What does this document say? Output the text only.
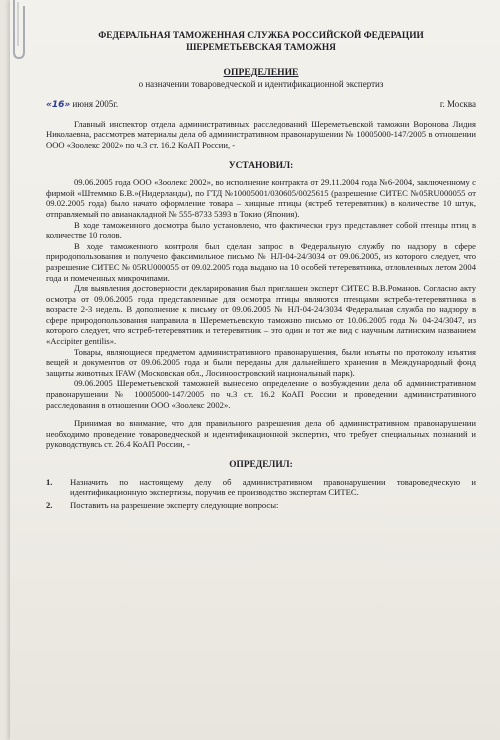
ФЕДЕРАЛЬНАЯ ТАМОЖЕННАЯ СЛУЖБА РОССИЙСКОЙ ФЕДЕРАЦИИ
ШЕРЕМЕТЬЕВСКАЯ ТАМОЖНЯ
ОПРЕДЕЛЕНИЕ
о назначении товароведческой и идентификационной экспертиз
«16» июня 2005г.	г. Москва

Главный инспектор отдела административных расследований Шереметьевской таможни Воронова Лидия Николаевна, рассмотрев материалы дела об административном правонарушении № 10005000-147/2005 в отношении ООО «Зоолекс 2002» по ч.3 ст. 16.2 КоАП России, -

УСТАНОВИЛ:

09.06.2005 года ООО «Зоолекс 2002», во исполнение контракта от 29.11.2004 года №6-2004, заключенному с фирмой «Штеммко Б.В.»(Нидерланды), по ГТД №10005001/030605/0025615 (разрешение СИТЕС №05RU000055 от 09.02.2005 года) было начато оформление товара – хищные птицы (ястреб тетеревятник) в количестве 10 штук, отправляемый по авианакладной № 555-8733 5393 в Токио (Япония).

В ходе таможенного досмотра было установлено, что фактически груз представляет собой птенцы птиц в количестве 10 голов.

В ходе таможенного контроля был сделан запрос в Федеральную службу по надзору в сфере природопользования и получено факсимильное письмо № НЛ-04-24/3034 от 09.06.2005, из которого следует, что разрешение СИТЕС № 05RU000055 от 09.02.2005 года выдано на 10 особей тетеревятника, отловленных летом 2004 года и помеченных микрочипами.

Для выявления достоверности декларирования был приглашен эксперт СИТЕС В.В.Романов. Согласно акту осмотра от 09.06.2005 года представленные для осмотра птицы являются птенцами ястреба-тетеревятника в возрасте 2-3 недель. В дополнение к письму от 09.06.2005 № НЛ-04-24/3034 Федеральная служба по надзору в сфере природопользования направила в Шереметьевскую таможню письмо от 10.06.2005 года № 04-24/3047, из которого следует, что ястреб-тетеревятник и тетеревятник – это один и тот же вид с научным латинским названием «Accipiter gentilis».

Товары, являющиеся предметом административного правонарушения, были изъяты по протоколу изъятия вещей и документов от 09.06.2005 года и были переданы для дальнейшего хранения в Международный фонд защиты животных IFAW (Московская обл., Лосиноостровский национальный парк).

09.06.2005 Шереметьевской таможней вынесено определение о возбуждении дела об административном правонарушении № 10005000-147/2005 по ч.3 ст. 16.2 КоАП России и проведении административного расследования в отношении ООО «Зоолекс 2002».

Принимая во внимание, что для правильного разрешения дела об административном правонарушении необходимо проведение товароведческой и идентификационной экспертиз, что требует специальных познаний и руководствуясь ст. 26.4 КоАП России, -

ОПРЕДЕЛИЛ:
1.	Назначить по настоящему делу об административном правонарушении товароведческую и идентификационную экспертизы, поручив ее производство экспертам СИТЕС.
2.	Поставить на разрешение эксперту следующие вопросы:
